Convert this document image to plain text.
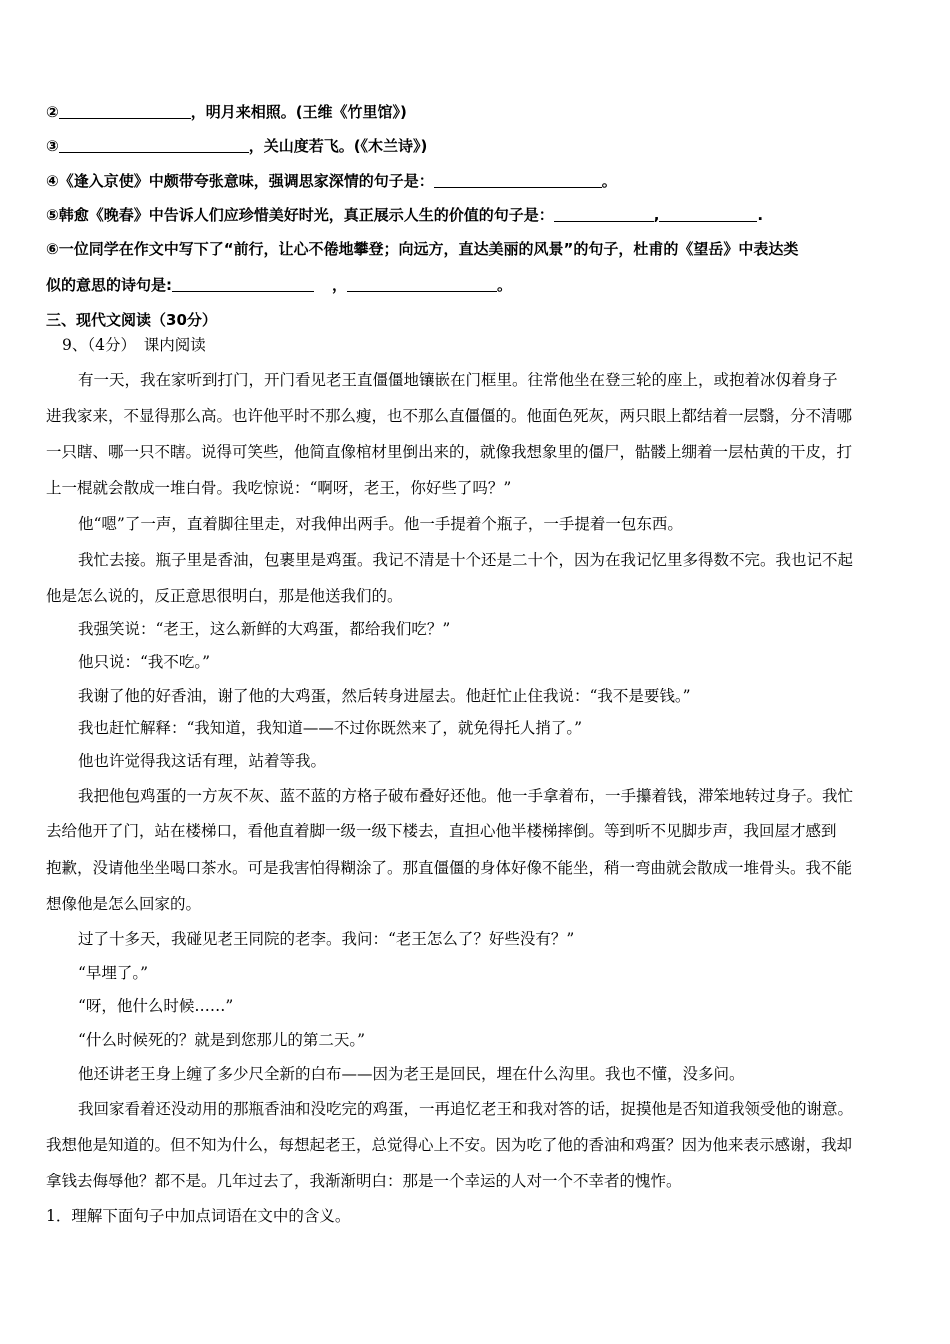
②	，明月来相照。(王维《竹里馆》)
③	，关山度若飞。(《木兰诗》)
④《逢入京使》中颇带夸张意味，强调思家深情的句子是：	。
⑤韩愈《晚春》中告诉人们应珍惜美好时光，真正展示人生的价值的句子是：	,	.
⑥一位同学在作文中写下了“前行，让心不倦地攀登；向远方，直达美丽的风景”的句子，杜甫的《望岳》中表达类
似的意思的诗句是:	，	。
三、现代文阅读（30分）
9、（4分）　课内阅读
有一天，我在家听到打门，开门看见老王直僵僵地镶嵌在门框里。往常他坐在登三轮的座上，或抱着冰仭着身子
进我家来，不显得那么高。也许他平时不那么瘦，也不那么直僵僵的。他面色死灰，两只眼上都结着一层翳，分不清哪
一只瞎、哪一只不瞎。说得可笑些，他简直像棺材里倒出来的，就像我想象里的僵尸，骷髅上绷着一层枯黄的干皮，打
上一棍就会散成一堆白骨。我吃惊说：“啊呀，老王，你好些了吗？”
他“嗯”了一声，直着脚往里走，对我伸出两手。他一手提着个瓶子，一手提着一包东西。
我忙去接。瓶子里是香油，包裹里是鸡蛋。我记不清是十个还是二十个，因为在我记忆里多得数不完。我也记不起
他是怎么说的，反正意思很明白，那是他送我们的。
我强笑说：“老王，这么新鲜的大鸡蛋，都给我们吃？”
他只说：“我不吃。”
我谢了他的好香油，谢了他的大鸡蛋，然后转身进屋去。他赶忙止住我说：“我不是要钱。”
我也赶忙解释：“我知道，我知道——不过你既然来了，就免得托人捎了。”
他也许觉得我这话有理，站着等我。
我把他包鸡蛋的一方灰不灰、蓝不蓝的方格子破布叠好还他。他一手拿着布，一手攥着钱，滞笨地转过身子。我忙
去给他开了门，站在楼梯口，看他直着脚一级一级下楼去，直担心他半楼梯摔倒。等到听不见脚步声，我回屋才感到
抱歉，没请他坐坐喝口茶水。可是我害怕得糊涂了。那直僵僵的身体好像不能坐，稍一弯曲就会散成一堆骨头。我不能
想像他是怎么回家的。
过了十多天，我碰见老王同院的老李。我问：“老王怎么了？好些没有？”
“早埋了。”
“呀，他什么时候……”
“什么时候死的？就是到您那儿的第二天。”
他还讲老王身上缠了多少尺全新的白布——因为老王是回民，埋在什么沟里。我也不懂，没多问。
我回家看着还没动用的那瓶香油和没吃完的鸡蛋，一再追忆老王和我对答的话，捉摸他是否知道我领受他的谢意。
我想他是知道的。但不知为什么，每想起老王，总觉得心上不安。因为吃了他的香油和鸡蛋？因为他来表示感谢，我却
拿钱去侮辱他？都不是。几年过去了，我渐渐明白：那是一个幸运的人对一个不幸者的愧怍。
1．理解下面句子中加点词语在文中的含义。
